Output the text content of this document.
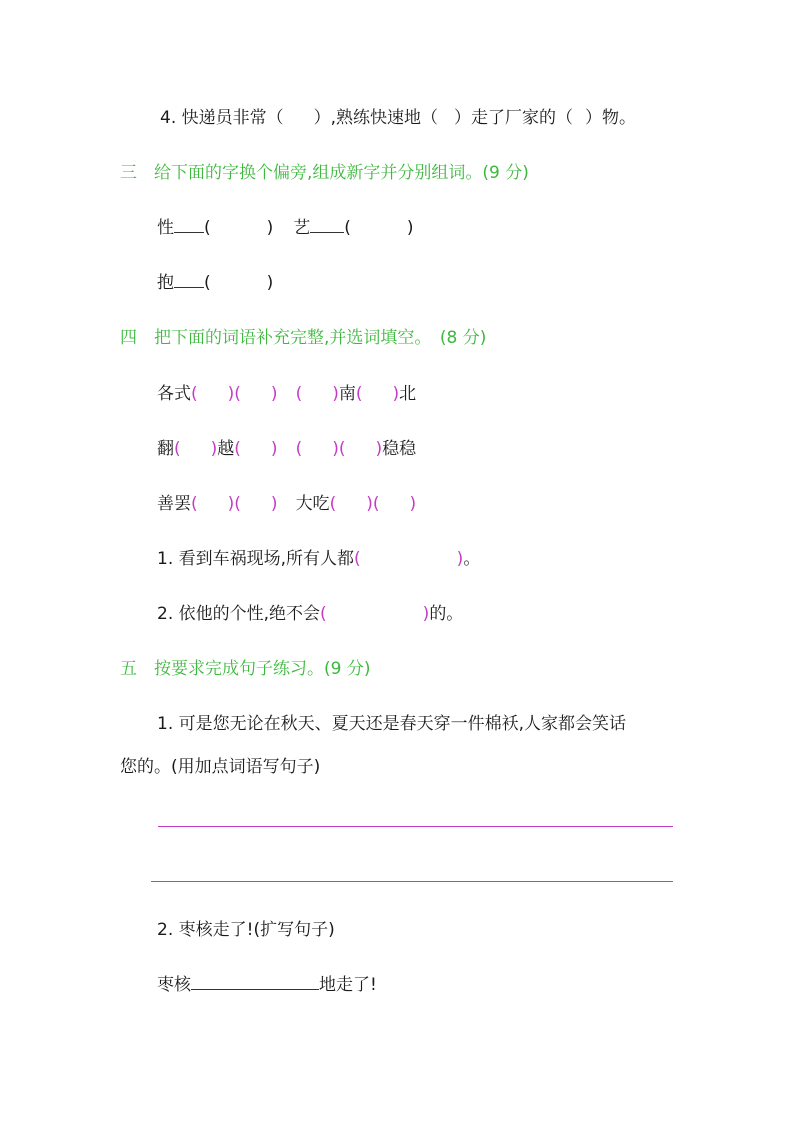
4. 快递员非常（ ）,熟练快速地（ ）走了厂家的（ ）物。
三　给下面的字换个偏旁,组成新字并分别组词。(9 分)
性 (	) 艺 (	)
抱 (	)
四　把下面的词语补充完整,并选词填空。　(8 分)
各式( )( ) ( )南( )北
翻( )越( ) ( )( )稳稳
善罢( )( ) 大吃( )( )
1. 看到车祸现场,所有人都(	)。
2. 依他的个性,绝不会(	)的。
五　按要求完成句子练习。(9 分)
1. 可是您无论在秋天、夏天还是春天穿一件棉袄,人家都会笑话
您的。(用加点词语写句子)
2. 枣核走了!(扩写句子)
枣核	地走了!
